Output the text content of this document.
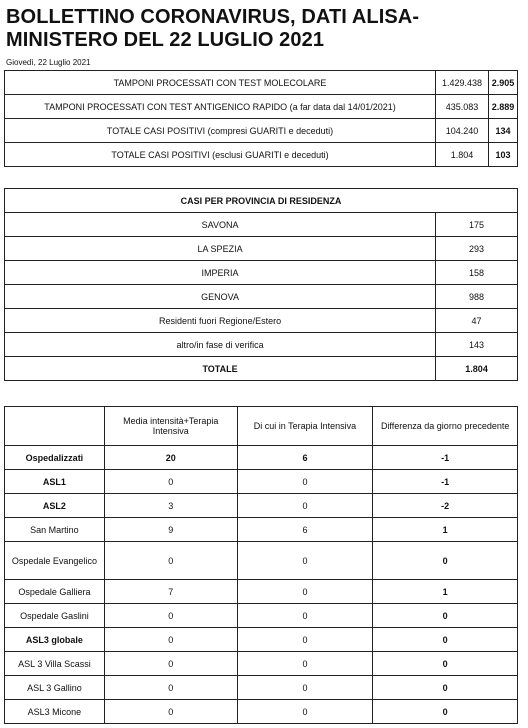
BOLLETTINO CORONAVIRUS, DATI ALISA- MINISTERO DEL 22 LUGLIO 2021
Giovedì, 22 Luglio 2021
TAMPONI PROCESSATI CON TEST MOLECOLARE	1.429.438	2.905
TAMPONI PROCESSATI CON TEST ANTIGENICO RAPIDO (a far data dal 14/01/2021)	435.083	2.889
TOTALE CASI POSITIVI (compresi GUARITI e deceduti)	104.240	134
TOTALE CASI POSITIVI (esclusi GUARITI e deceduti)	1.804	103
CASI PER PROVINCIA DI RESIDENZA	
SAVONA	175
LA SPEZIA	293
IMPERIA	158
GENOVA	988
Residenti fuori Regione/Estero	47
altro/in fase di verifica	143
TOTALE	1.804
	Media intensità+Terapia Intensiva	Di cui in Terapia Intensiva	Differenza da giorno precedente
Ospedalizzati	20	6	-1
ASL1	0	0	-1
ASL2	3	0	-2
San Martino	9	6	1
Ospedale Evangelico	0	0	0
Ospedale Galliera	7	0	1
Ospedale Gaslini	0	0	0
ASL3 globale	0	0	0
ASL 3 Villa Scassi	0	0	0
ASL 3 Gallino	0	0	0
ASL3 Micone	0	0	0
